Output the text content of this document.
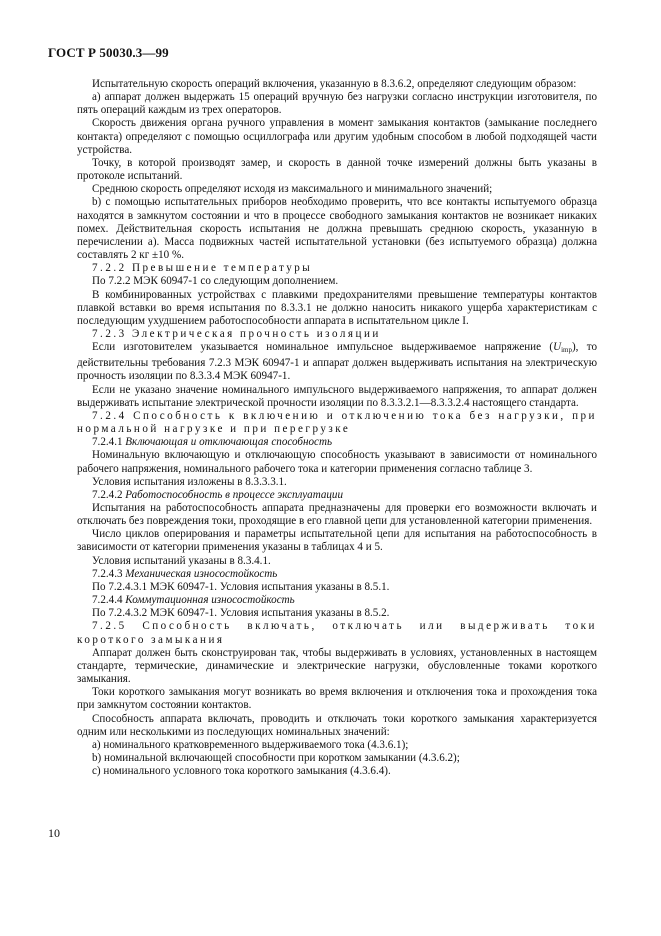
ГОСТ Р 50030.3—99

Испытательную скорость операций включения, указанную в 8.3.6.2, определяют следующим образом:

a) аппарат должен выдержать 15 операций вручную без нагрузки согласно инструкции изготовителя, по пять операций каждым из трех операторов.

Скорость движения органа ручного управления в момент замыкания контактов (замыкание последнего контакта) определяют с помощью осциллографа или другим удобным способом в любой подходящей части устройства.

Точку, в которой производят замер, и скорость в данной точке измерений должны быть указаны в протоколе испытаний.

Среднюю скорость определяют исходя из максимального и минимального значений;

b) с помощью испытательных приборов необходимо проверить, что все контакты испытуемого образца находятся в замкнутом состоянии и что в процессе свободного замыкания контактов не возникает никаких помех. Действительная скорость испытания не должна превышать среднюю скорость, указанную в перечислении а). Масса подвижных частей испытательной установки (без испытуемого образца) должна составлять 2 кг ±10 %.

7.2.2 Превышение температуры

По 7.2.2 МЭК 60947-1 со следующим дополнением.

В комбинированных устройствах с плавкими предохранителями превышение температуры контактов плавкой вставки во время испытания по 8.3.3.1 не должно наносить никакого ущерба характеристикам с последующим ухудшением работоспособности аппарата в испытательном цикле I.

7.2.3 Электрическая прочность изоляции

Если изготовителем указывается номинальное импульсное выдерживаемое напряжение $(U_{imp})$, то действительны требования 7.2.3 МЭК 60947-1 и аппарат должен выдерживать испытания на электрическую прочность изоляции по 8.3.3.4 МЭК 60947-1.

Если не указано значение номинального импульсного выдерживаемого напряжения, то аппарат должен выдерживать испытание электрической прочности изоляции по 8.3.3.2.1—8.3.3.2.4 настоящего стандарта.

7.2.4 Способность к включению и отключению тока без нагрузки, при нормальной нагрузке и при перегрузке

7.2.4.1 Включающая и отключающая способность

Номинальную включающую и отключающую способность указывают в зависимости от номинального рабочего напряжения, номинального рабочего тока и категории применения согласно таблице 3.

Условия испытания изложены в 8.3.3.3.1.

7.2.4.2 Работоспособность в процессе эксплуатации

Испытания на работоспособность аппарата предназначены для проверки его возможности включать и отключать без повреждения токи, проходящие в его главной цепи для установленной категории применения.

Число циклов оперирования и параметры испытательной цепи для испытания на работоспособность в зависимости от категории применения указаны в таблицах 4 и 5.

Условия испытаний указаны в 8.3.4.1.

7.2.4.3 Механическая износостойкость

По 7.2.4.3.1 МЭК 60947-1. Условия испытания указаны в 8.5.1.

7.2.4.4 Коммутационная износостойкость

По 7.2.4.3.2 МЭК 60947-1. Условия испытания указаны в 8.5.2.

7.2.5 Способность включать, отключать или выдерживать токи короткого замыкания

Аппарат должен быть сконструирован так, чтобы выдерживать в условиях, установленных в настоящем стандарте, термические, динамические и электрические нагрузки, обусловленные токами короткого замыкания.

Токи короткого замыкания могут возникать во время включения и отключения тока и прохождения тока при замкнутом состоянии контактов.

Способность аппарата включать, проводить и отключать токи короткого замыкания характеризуется одним или несколькими из последующих номинальных значений:

a) номинального кратковременного выдерживаемого тока (4.3.6.1);

b) номинальной включающей способности при коротком замыкании (4.3.6.2);

c) номинального условного тока короткого замыкания (4.3.6.4).

10
